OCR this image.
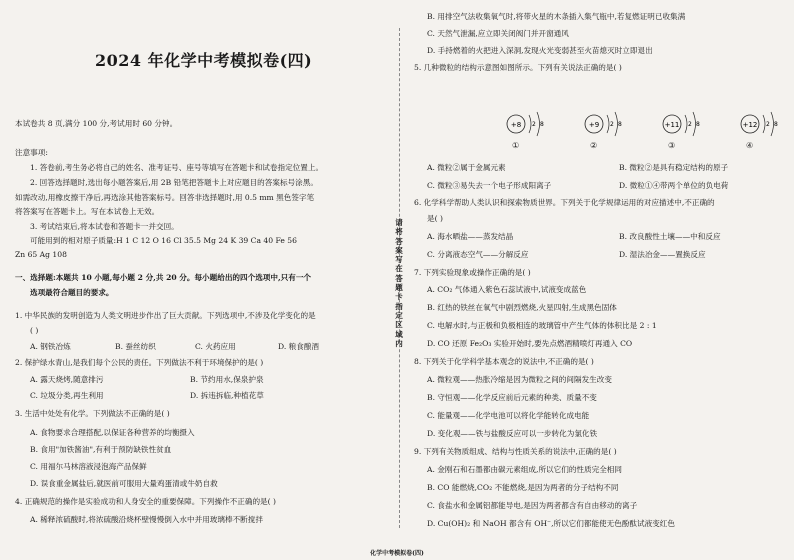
2024 年化学中考模拟卷(四)
本试卷共 8 页,满分 100 分,考试用时 60 分钟。
注意事项:
1. 答卷前,考生务必将自己的姓名、准考证号、座号等填写在答题卡和试卷指定位置上。
2. 回答选择题时,选出每小题答案后,用 2B 铅笔把答题卡上对应题目的答案标号涂黑。
如需改动,用橡皮擦干净后,再选涂其他答案标号。回答非选择题时,用 0.5 mm 黑色签字笔
将答案写在答题卡上。写在本试卷上无效。
3. 考试结束后,将本试卷和答题卡一并交回。
可能用到的相对原子质量:H 1 C 12 O 16 Cl 35.5 Mg 24 K 39 Ca 40 Fe 56
Zn 65 Ag 108
一、选择题:本题共 10 小题,每小题 2 分,共 20 分。每小题给出的四个选项中,只有一个
选项最符合题目的要求。
1. 中华民族的发明创造为人类文明进步作出了巨大贡献。下列选项中,不涉及化学变化的是
( )
A. 钢铁冶炼	B. 蚕丝纺织	C. 火药应用	D. 粮食酿酒
2. 保护绿水青山,是我们每个公民的责任。下列做法不利于环境保护的是( )
A. 露天烧烤,随意排污	B. 节约用水,保泉护泉
C. 垃圾分类,再生利用	D. 拆违拆临,种植花草
3. 生活中处处有化学。下列做法不正确的是( )
A. 食物要求合理搭配,以保证各种营养的均衡摄入
B. 食用"加铁酱油",有利于预防缺铁性贫血
C. 用福尔马林溶液浸泡海产品保鲜
D. 误食重金属盐后,就医前可服用大量鸡蛋清或牛奶自救
4. 正确规范的操作是实验成功和人身安全的重要保障。下列操作不正确的是( )
A. 稀释浓硫酸时,将浓硫酸沿烧杯壁慢慢倒入水中并用玻璃棒不断搅拌
请将答案写在答题卡指定区域内
B. 用排空气法收集氧气时,将带火星的木条插入集气瓶中,若复燃证明已收集满
C. 天然气泄漏,应立即关闭阀门并开窗通风
D. 手持燃着的火把进入深洞,发现火光变弱甚至火苗熄灭时立即退出
5. 几种微粒的结构示意图如图所示。下列有关说法正确的是( )
+8 2 8	+9 2 8	+11 2 8	+12 2 8
①	②	③	④
A. 微粒②属于金属元素	B. 微粒②是具有稳定结构的原子
C. 微粒③易失去一个电子形成阳离子	D. 微粒①④带两个单位的负电荷
6. 化学科学帮助人类认识和探索物质世界。下列关于化学规律运用的对应描述中,不正确的
是( )
A. 海水晒盐——蒸发结晶	B. 改良酸性土壤——中和反应
C. 分离液态空气——分解反应	D. 湿法冶金——置换反应
7. 下列实验现象或操作正确的是( )
A. CO₂ 气体通入紫色石蕊试液中,试液变成蓝色
B. 红热的铁丝在氧气中剧烈燃烧,火星四射,生成黑色固体
C. 电解水时,与正极和负极相连的玻璃管中产生气体的体积比是 2 : 1
D. CO 还原 Fe₂O₃ 实验开始时,要先点燃酒精喷灯再通入 CO
8. 下列关于化学科学基本观念的说法中,不正确的是( )
A. 微粒观——热胀冷缩是因为微粒之间的间隔发生改变
B. 守恒观——化学反应前后元素的种类、质量不变
C. 能量观——化学电池可以将化学能转化成电能
D. 变化观——铁与盐酸反应可以一步转化为氯化铁
9. 下列有关物质组成、结构与性质关系的说法中,正确的是( )
A. 金刚石和石墨都由碳元素组成,所以它们的性质完全相同
B. CO 能燃烧,CO₂ 不能燃烧,是因为两者的分子结构不同
C. 食盐水和金属铝都能导电,是因为两者都含有自由移动的离子
D. Cu(OH)₂ 和 NaOH 都含有 OH⁻,所以它们都能使无色酚酞试液变红色
化学中考模拟卷(四)
